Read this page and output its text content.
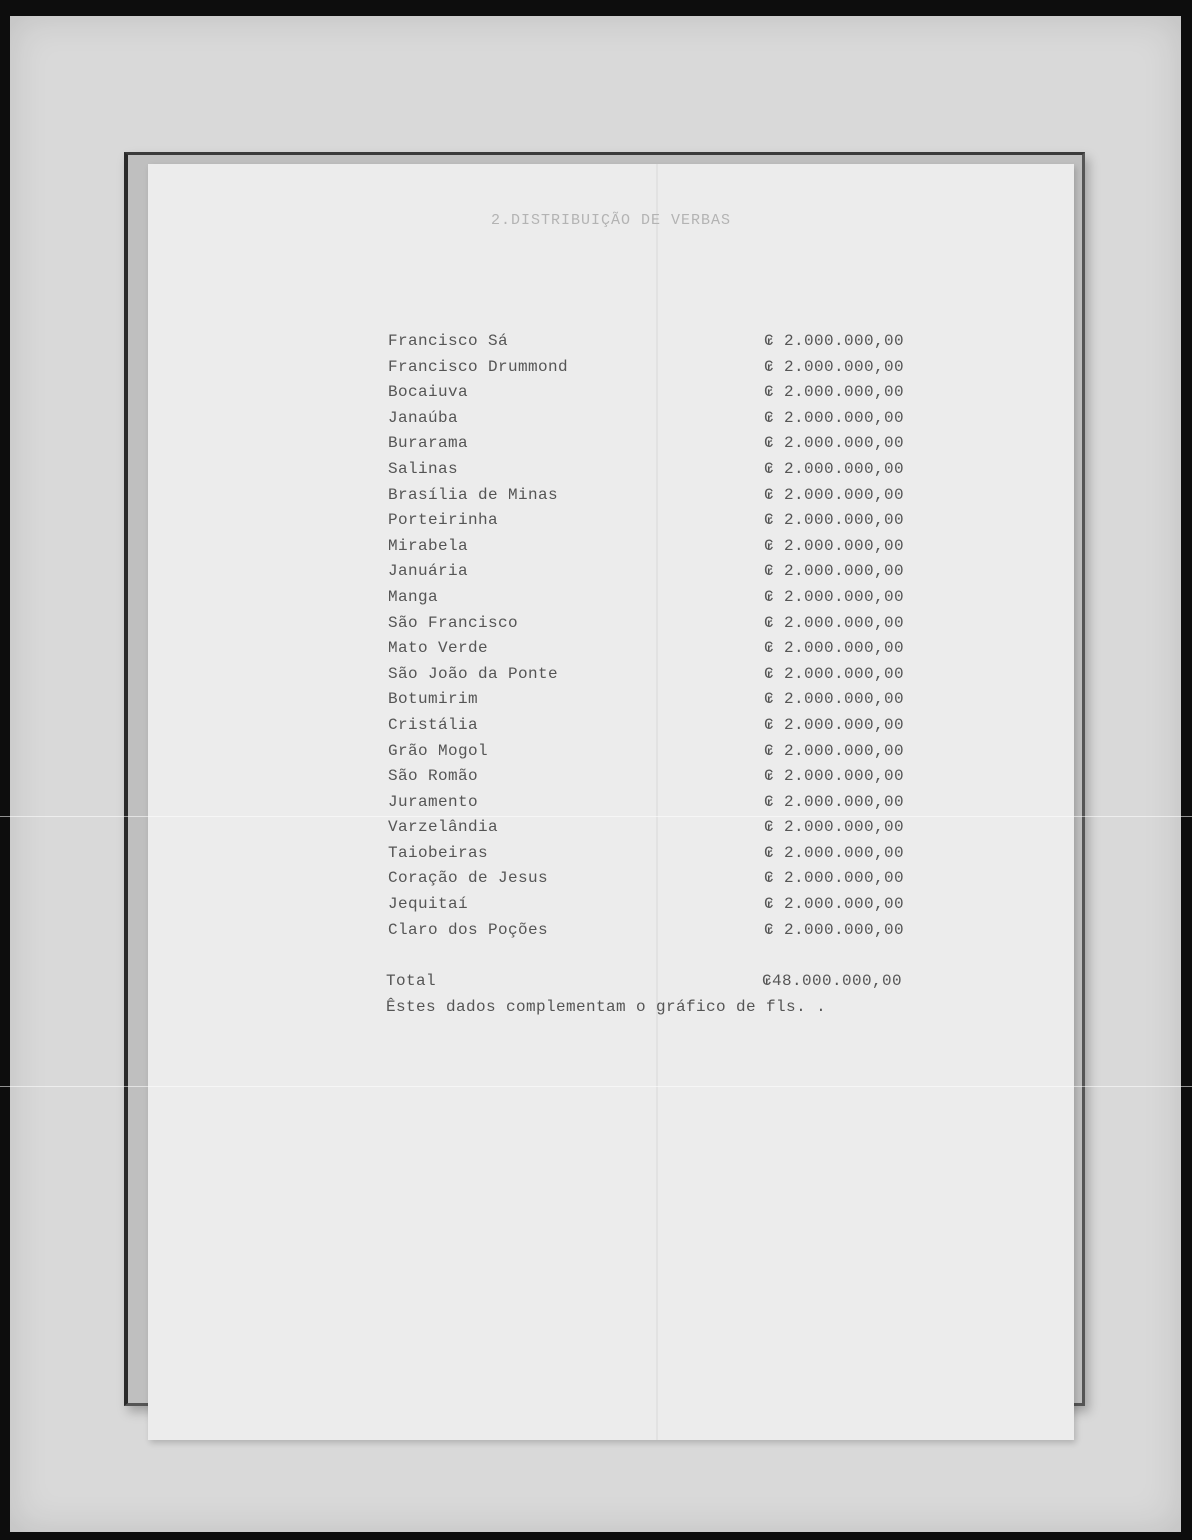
2.DISTRIBUIÇÃO DE VERBAS
Francisco Sá	₢ 2.000.000,00
Francisco Drummond	₢ 2.000.000,00
Bocaiuva	₢ 2.000.000,00
Janaúba	₢ 2.000.000,00
Burarama	₢ 2.000.000,00
Salinas	₢ 2.000.000,00
Brasília de Minas	₢ 2.000.000,00
Porteirinha	₢ 2.000.000,00
Mirabela	₢ 2.000.000,00
Januária	₢ 2.000.000,00
Manga	₢ 2.000.000,00
São Francisco	₢ 2.000.000,00
Mato Verde	₢ 2.000.000,00
São João da Ponte	₢ 2.000.000,00
Botumirim	₢ 2.000.000,00
Cristália	₢ 2.000.000,00
Grão Mogol	₢ 2.000.000,00
São Romão	₢ 2.000.000,00
Juramento	₢ 2.000.000,00
Varzelândia	₢ 2.000.000,00
Taiobeiras	₢ 2.000.000,00
Coração de Jesus	₢ 2.000.000,00
Jequitaí	₢ 2.000.000,00
Claro dos Poções	₢ 2.000.000,00
Total	₢48.000.000,00
Êstes dados complementam o gráfico de fls. .
